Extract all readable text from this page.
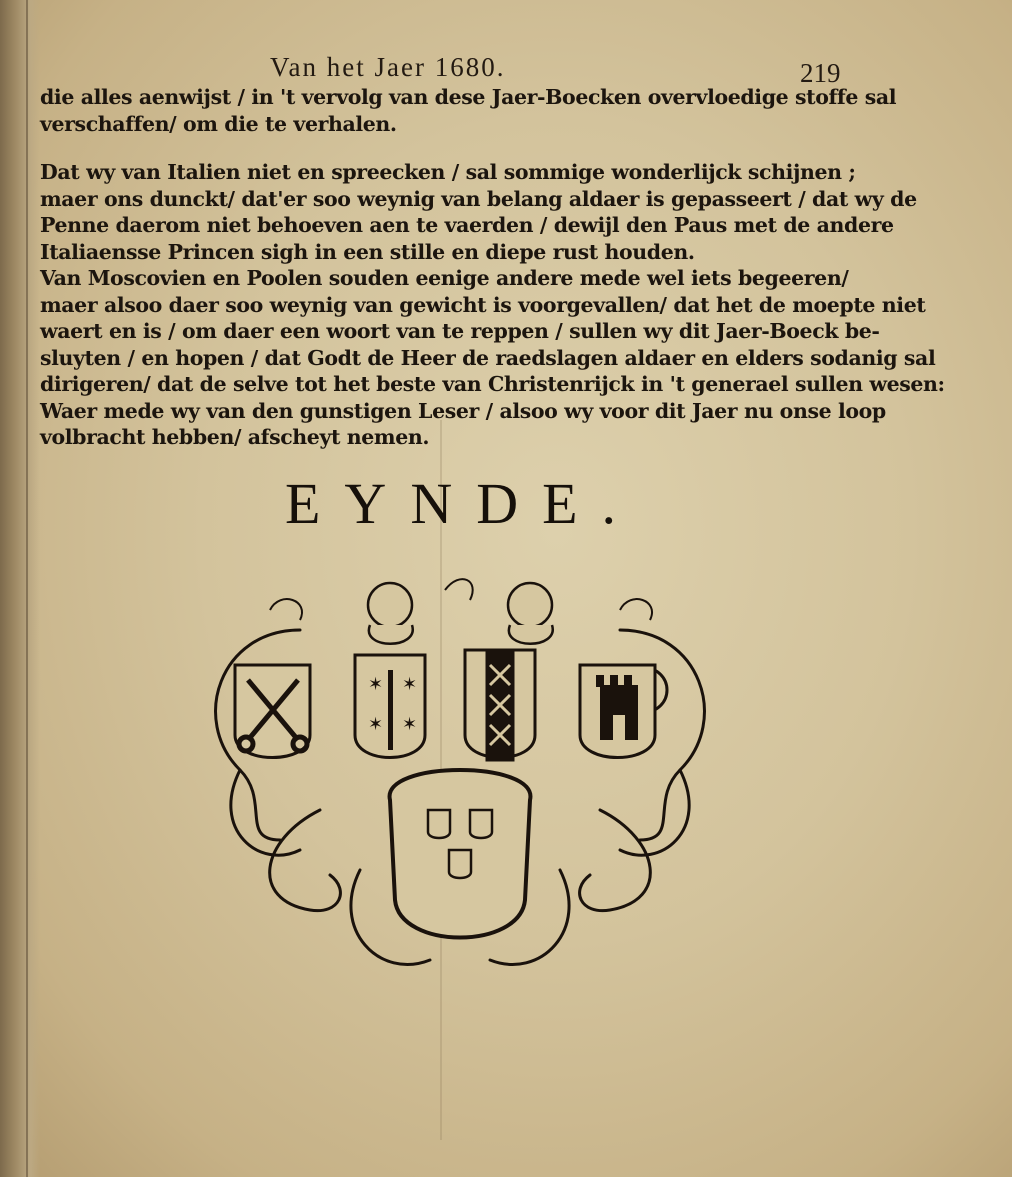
Van het Jaer 1680.	219
die alles aenwijst / in 't vervolg van dese Jaer-Boecken overvloedige stoffe sal
verschaffen/ om die te verhalen.
Dat wy van Italien niet en spreecken / sal sommige wonderlijck schijnen ;
maer ons dunckt/ dat'er soo weynig van belang aldaer is gepasseert / dat wy de
Penne daerom niet behoeven aen te vaerden / dewijl den Paus met de andere
Italiaensse Princen sigh in een stille en diepe rust houden.
Van Moscovien en Poolen souden eenige andere mede wel iets begeeren/
maer alsoo daer soo weynig van gewicht is voorgevallen/ dat het de moepte niet
waert en is / om daer een woort van te reppen / sullen wy dit Jaer-Boeck be-
sluyten / en hopen / dat Godt de Heer de raedslagen aldaer en elders sodanig sal
dirigeren/ dat de selve tot het beste van Christenrijck in 't generael sullen wesen:
Waer mede wy van den gunstigen Leser / alsoo wy voor dit Jaer nu onse loop
volbracht hebben/ afscheyt nemen.
EYNDE.
✶ ✶
✶ ✶
